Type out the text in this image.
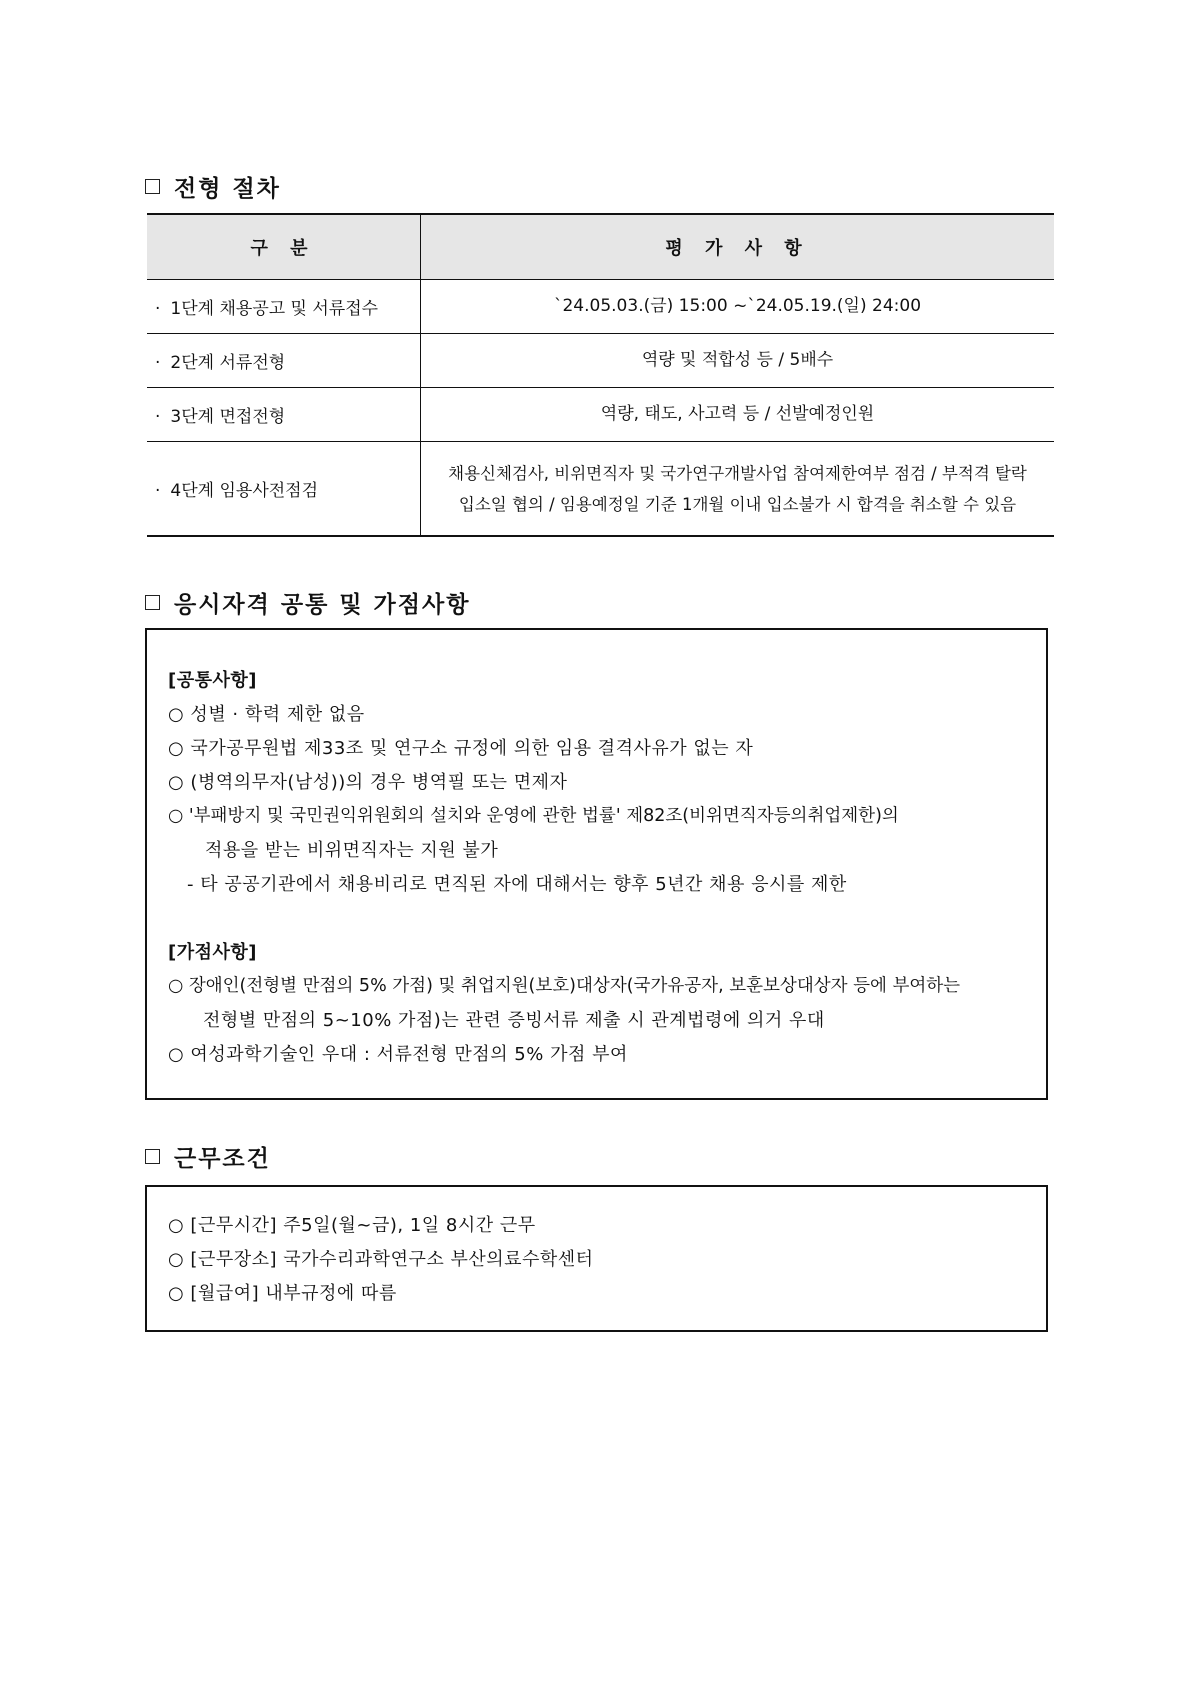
전형 절차
구 분	평 가 사 항
· 1단계 채용공고 및 서류접수	`24.05.03.(금) 15:00 ~`24.05.19.(일) 24:00
· 2단계 서류전형	역량 및 적합성 등 / 5배수
· 3단계 면접전형	역량, 태도, 사고력 등 / 선발예정인원
· 4단계 임용사전점검	채용신체검사, 비위면직자 및 국가연구개발사업 참여제한여부 점검 / 부적격 탈락
입소일 협의 / 임용예정일 기준 1개월 이내 입소불가 시 합격을 취소할 수 있음
응시자격 공통 및 가점사항
[공통사항]
○ 성별 · 학력 제한 없음
○ 국가공무원법 제33조 및 연구소 규정에 의한 임용 결격사유가 없는 자
○ (병역의무자(남성))의 경우 병역필 또는 면제자
○ '부패방지 및 국민권익위원회의 설치와 운영에 관한 법률' 제82조(비위면직자등의취업제한)의
적용을 받는 비위면직자는 지원 불가
- 타 공공기관에서 채용비리로 면직된 자에 대해서는 향후 5년간 채용 응시를 제한
[가점사항]
○ 장애인(전형별 만점의 5% 가점) 및 취업지원(보호)대상자(국가유공자, 보훈보상대상자 등에 부여하는
전형별 만점의 5~10% 가점)는 관련 증빙서류 제출 시 관계법령에 의거 우대
○ 여성과학기술인 우대 : 서류전형 만점의 5% 가점 부여
근무조건
○ [근무시간] 주5일(월~금), 1일 8시간 근무
○ [근무장소] 국가수리과학연구소 부산의료수학센터
○ [월급여] 내부규정에 따름
